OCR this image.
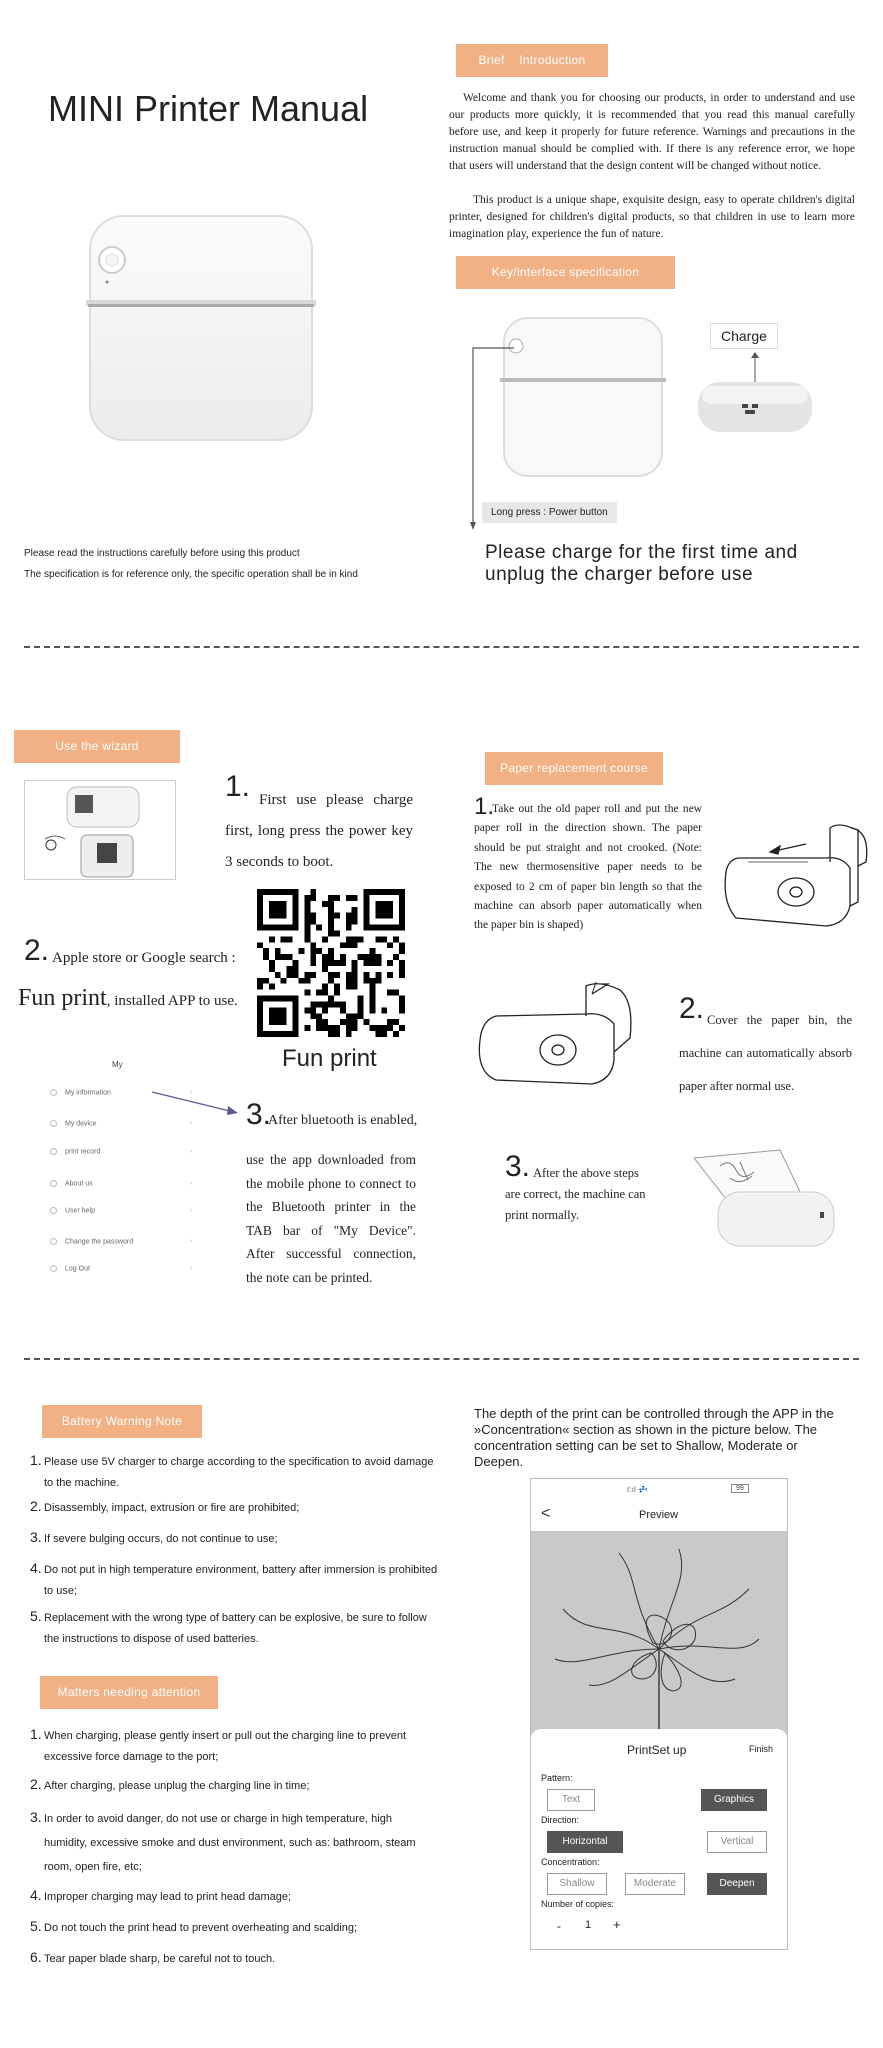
MINI Printer Manual
Please read the instructions carefully before using this product
The specification is for reference only, the specific operation shall be in kind
Brief    Introduction
Welcome and thank you for choosing our products, in order to understand and use our products more quickly, it is recommended that you read this manual carefully before use, and keep it properly for future reference. Warnings and precautions in the instruction manual should be complied with. If there is any reference error, we hope that users will understand that the design content will be changed without notice.
This product is a unique shape, exquisite design, easy to operate children's digital printer, designed for children's digital products, so that children in use to learn more imagination play, experience the fun of nature.
Key/interface specification
Long press : Power button
Charge
Please charge for the first time and unplug the charger before use
Use the wizard
1. First use please charge first, long press the power key 3 seconds to boot.
2. Apple store or Google search :
Fun print, installed APP to use.
Fun print
My
My information	›
My device	›
print record	›
About us	›
User help	›
Change the password	›
Log Out	›
3.
After bluetooth is enabled,
use the app downloaded from the mobile phone to connect to the Bluetooth printer in the TAB bar of "My Device". After successful connection, the note can be printed.
Paper replacement course
1.
Take out the old paper roll and put the new paper roll in the direction shown. The paper should be put straight and not crooked. (Note: The new thermosensitive paper needs to be exposed to 2 cm of paper bin length so that the machine can absorb paper automatically when the paper bin is shaped)
2. Cover the paper bin, the machine can automatically absorb paper after normal use.
3. After the above steps are correct, the machine can print normally.
Battery Warning Note
1. Please use 5V charger to charge according to the specification to avoid damage to the machine.
2. Disassembly, impact, extrusion or fire are prohibited;
3. If severe bulging occurs, do not continue to use;
4. Do not put in high temperature environment, battery after immersion is prohibited to use;
5. Replacement with the wrong type of battery can be explosive, be sure to follow the instructions to dispose of used batteries.
Matters needing attention
1. When charging, please gently insert or pull out the charging line to prevent excessive force damage to the port;
2. After charging, please unplug the charging line in time;
3. In order to avoid danger, do not use or charge in high temperature, high humidity, excessive smoke and dust environment, such as: bathroom, steam room, open fire, etc;
4. Improper charging may lead to print head damage;
5. Do not touch the print head to prevent overheating and scalding;
6. Tear paper blade sharp, be careful not to touch.
The depth of the print can be controlled through the APP in the »Concentration« section as shown in the picture below. The concentration setting can be set to Shallow, Moderate or Deepen.
ℓ:ıl 💤	99
<	Preview
PrintSet up	Finish
Pattern:
Text	Graphics
Direction:
Horizontal	Vertical
Concentration:
Shallow	Moderate	Deepen
Number of copies:
- 1 +
